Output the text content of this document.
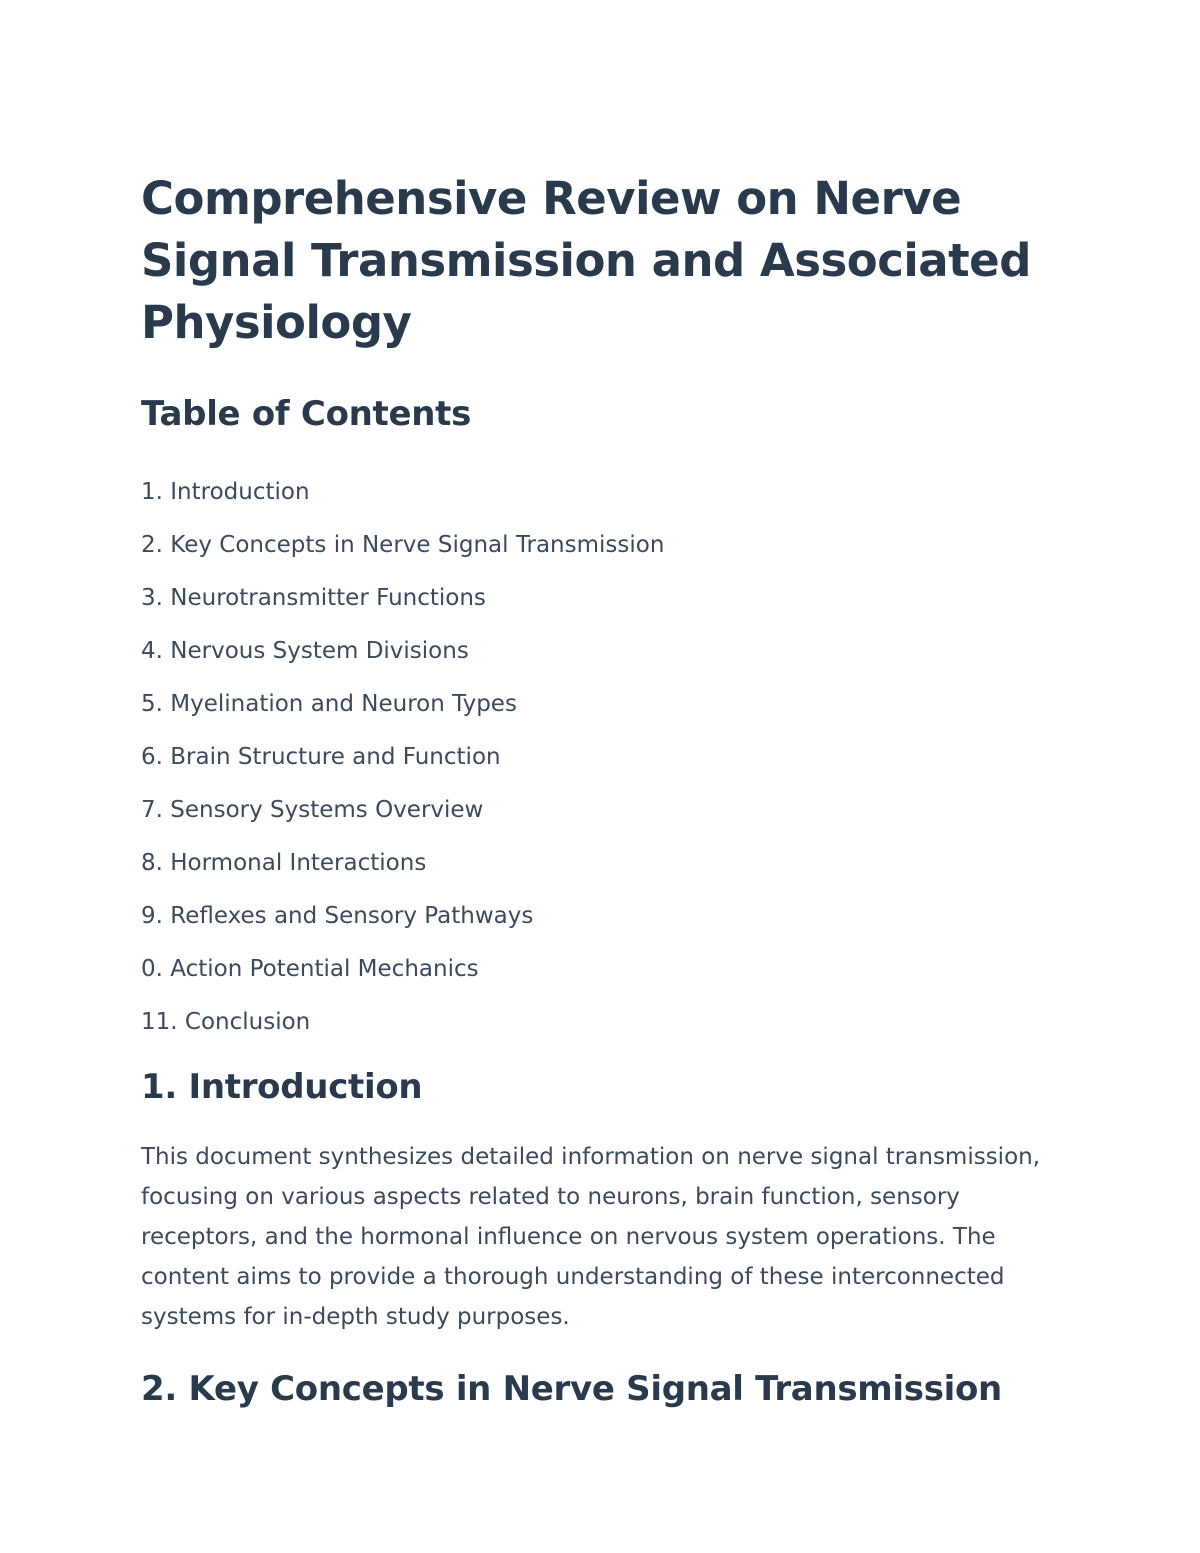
Comprehensive Review on Nerve Signal Transmission and Associated Physiology
Table of Contents
1. Introduction
2. Key Concepts in Nerve Signal Transmission
3. Neurotransmitter Functions
4. Nervous System Divisions
5. Myelination and Neuron Types
6. Brain Structure and Function
7. Sensory Systems Overview
8. Hormonal Interactions
9. Reflexes and Sensory Pathways
0. Action Potential Mechanics
11. Conclusion
1. Introduction

This document synthesizes detailed information on nerve signal transmission, focusing on various aspects related to neurons, brain function, sensory receptors, and the hormonal influence on nervous system operations. The content aims to provide a thorough understanding of these interconnected systems for in-depth study purposes.

2. Key Concepts in Nerve Signal Transmission
